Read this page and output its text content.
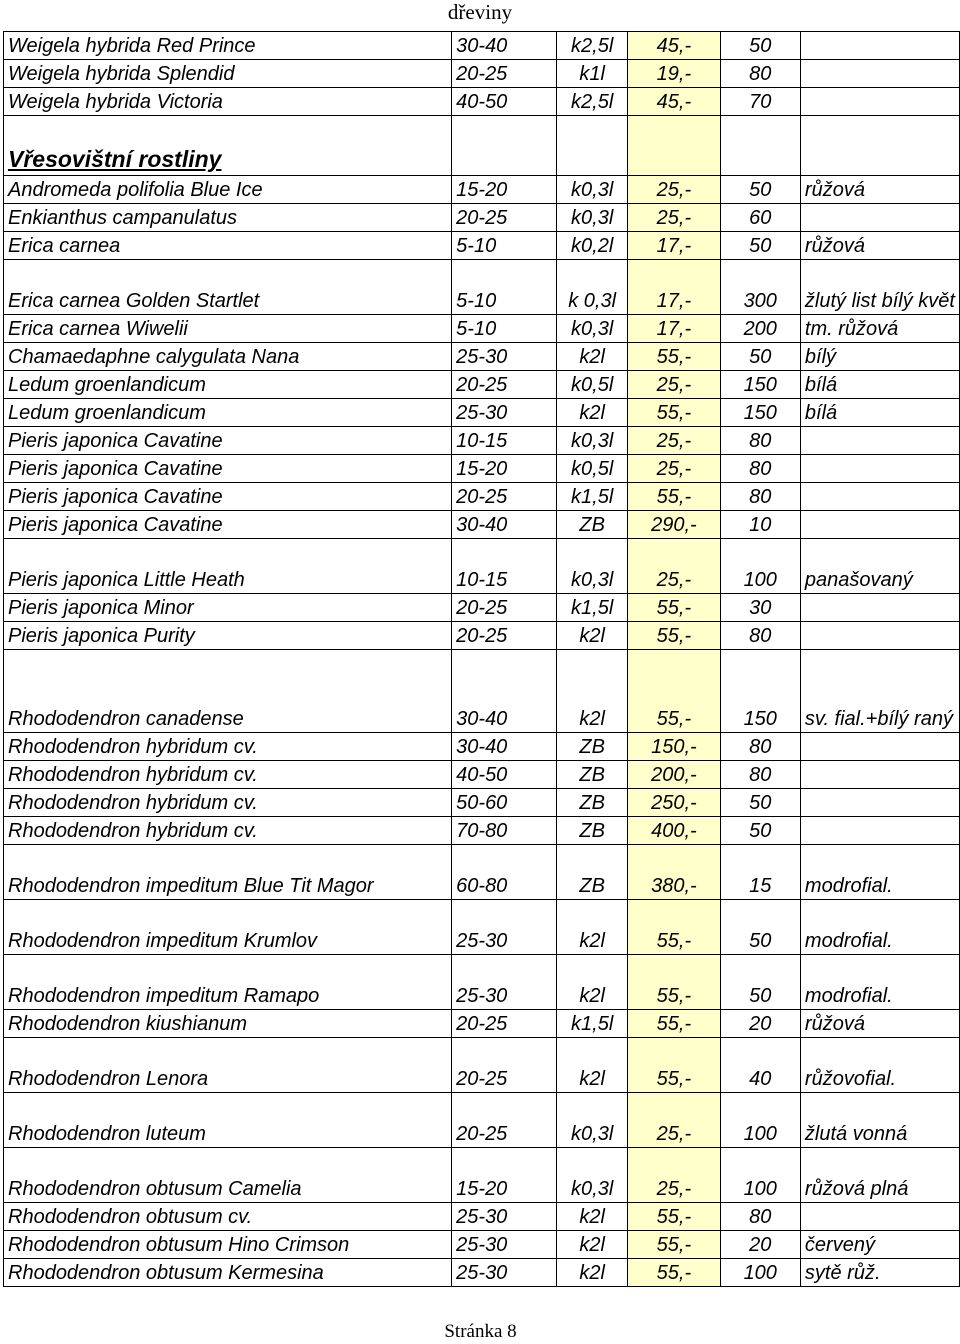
dřeviny
Weigela hybrida Red Prince	30-40	k2,5l	45,-	50	
Weigela hybrida Splendid	20-25	k1l	19,-	80	
Weigela hybrida Victoria	40-50	k2,5l	45,-	70	
Vřesovištní rostliny					
Andromeda polifolia Blue Ice	15-20	k0,3l	25,-	50	růžová
Enkianthus campanulatus	20-25	k0,3l	25,-	60	
Erica carnea	5-10	k0,2l	17,-	50	růžová
Erica carnea Golden Startlet	5-10	k 0,3l	17,-	300	žlutý list bílý květ
Erica carnea Wiwelii	5-10	k0,3l	17,-	200	tm. růžová
Chamaedaphne calygulata Nana	25-30	k2l	55,-	50	bílý
Ledum groenlandicum	20-25	k0,5l	25,-	150	bílá
Ledum groenlandicum	25-30	k2l	55,-	150	bílá
Pieris japonica Cavatine	10-15	k0,3l	25,-	80	
Pieris japonica Cavatine	15-20	k0,5l	25,-	80	
Pieris japonica Cavatine	20-25	k1,5l	55,-	80	
Pieris japonica Cavatine	30-40	ZB	290,-	10	
Pieris japonica Little Heath	10-15	k0,3l	25,-	100	panašovaný
Pieris japonica Minor	20-25	k1,5l	55,-	30	
Pieris japonica Purity	20-25	k2l	55,-	80	
Rhododendron canadense	30-40	k2l	55,-	150	sv. fial.+bílý raný
Rhododendron hybridum cv.	30-40	ZB	150,-	80	
Rhododendron hybridum cv.	40-50	ZB	200,-	80	
Rhododendron hybridum cv.	50-60	ZB	250,-	50	
Rhododendron hybridum cv.	70-80	ZB	400,-	50	
Rhododendron impeditum Blue Tit Magor	60-80	ZB	380,-	15	modrofial.
Rhododendron impeditum Krumlov	25-30	k2l	55,-	50	modrofial.
Rhododendron impeditum Ramapo	25-30	k2l	55,-	50	modrofial.
Rhododendron kiushianum	20-25	k1,5l	55,-	20	růžová
Rhododendron Lenora	20-25	k2l	55,-	40	růžovofial.
Rhododendron luteum	20-25	k0,3l	25,-	100	žlutá vonná
Rhododendron obtusum Camelia	15-20	k0,3l	25,-	100	růžová plná
Rhododendron obtusum cv.	25-30	k2l	55,-	80	
Rhododendron obtusum Hino Crimson	25-30	k2l	55,-	20	červený
Rhododendron obtusum Kermesina	25-30	k2l	55,-	100	sytě růž.
Stránka 8
